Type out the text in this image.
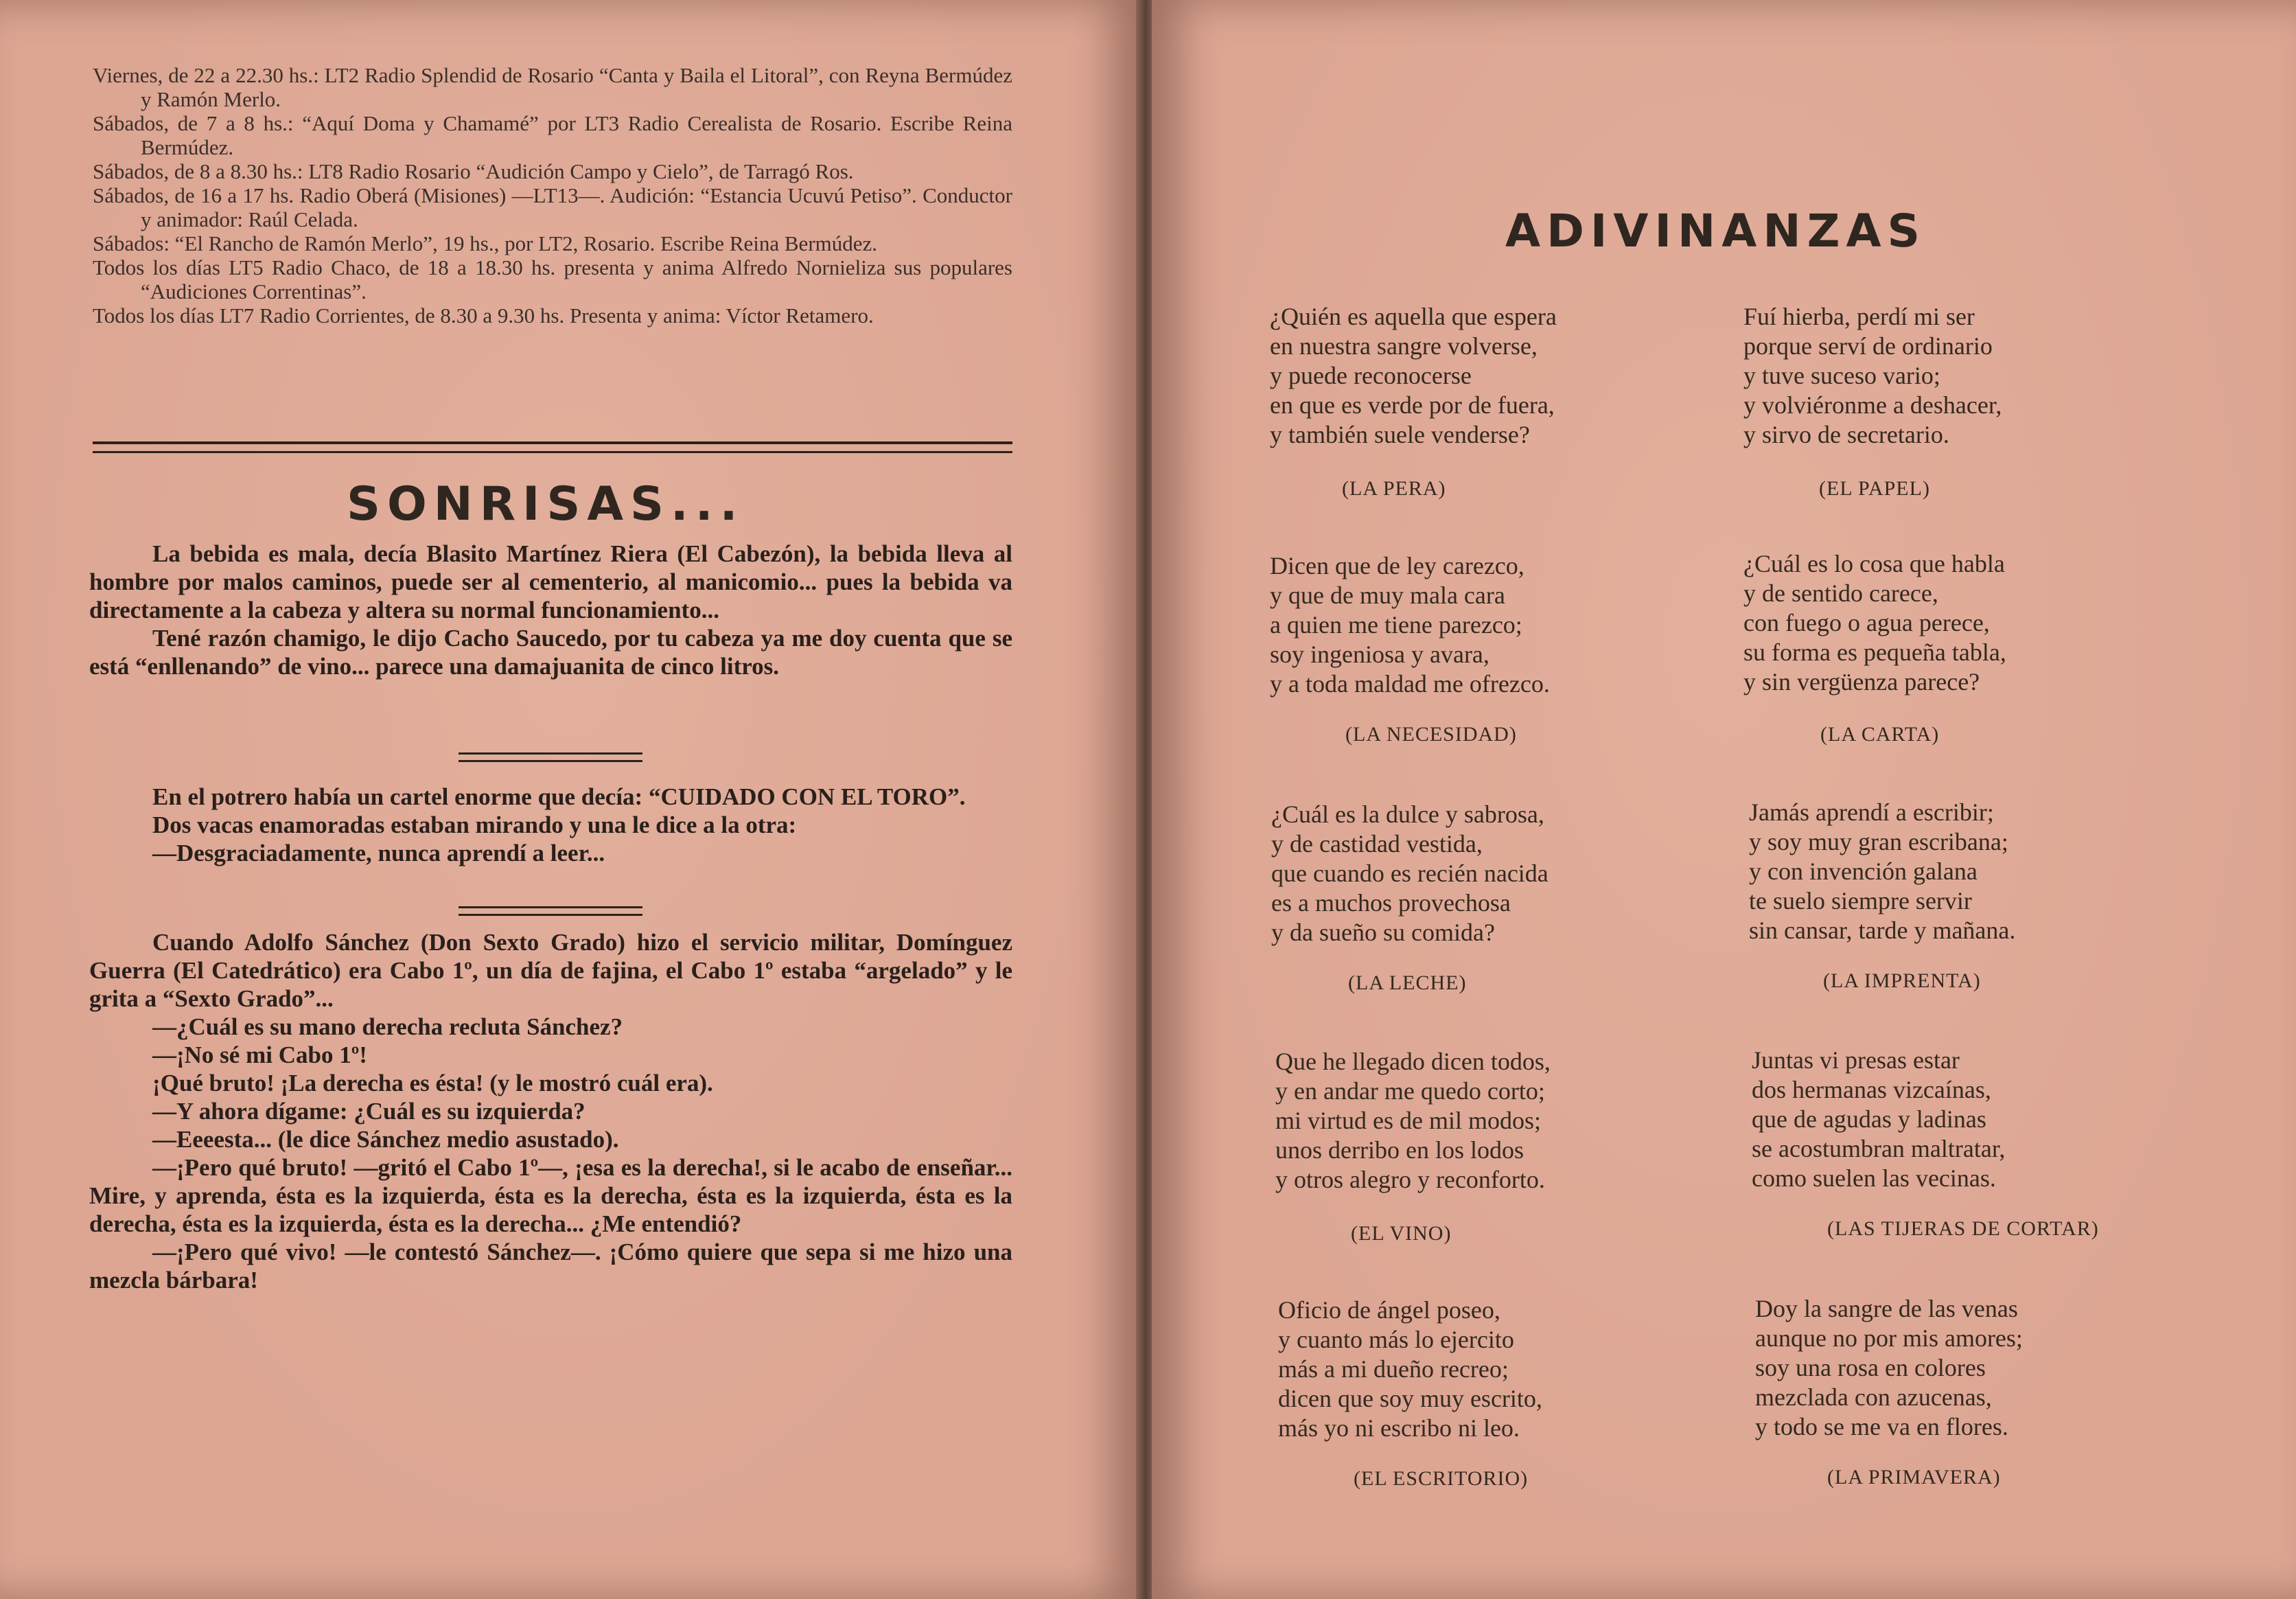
Viernes, de 22 a 22.30 hs.: LT2 Radio Splendid de Rosario “Canta y Baila el Litoral”, con Reyna Bermúdez y Ramón Merlo.
Sábados, de 7 a 8 hs.: “Aquí Doma y Chamamé” por LT3 Radio Cerealista de Rosario. Escribe Reina Bermúdez.
Sábados, de 8 a 8.30 hs.: LT8 Radio Rosario “Audición Campo y Cielo”, de Tarragó Ros.
Sábados, de 16 a 17 hs. Radio Oberá (Misiones) —LT13—. Audición: “Estancia Ucuvú Petiso”. Conductor y animador: Raúl Celada.
Sábados: “El Rancho de Ramón Merlo”, 19 hs., por LT2, Rosario. Escribe Reina Bermúdez.
Todos los días LT5 Radio Chaco, de 18 a 18.30 hs. presenta y anima Alfredo Nornieliza sus populares “Audiciones Correntinas”.
Todos los días LT7 Radio Corrientes, de 8.30 a 9.30 hs. Presenta y anima: Víctor Retamero.
SONRISAS...

La bebida es mala, decía Blasito Martínez Riera (El Cabezón), la bebida lleva al hombre por malos caminos, puede ser al cementerio, al manicomio... pues la bebida va directamente a la cabeza y altera su normal funcionamiento...

Tené razón chamigo, le dijo Cacho Saucedo, por tu cabeza ya me doy cuenta que se está “enllenando” de vino... parece una damajuanita de cinco litros.

En el potrero había un cartel enorme que decía: “CUIDADO CON EL TORO”.

Dos vacas enamoradas estaban mirando y una le dice a la otra:

—Desgraciadamente, nunca aprendí a leer...

Cuando Adolfo Sánchez (Don Sexto Grado) hizo el servicio militar, Domínguez Guerra (El Catedrático) era Cabo 1º, un día de fajina, el Cabo 1º estaba “argelado” y le grita a “Sexto Grado”...

—¿Cuál es su mano derecha recluta Sánchez?

—¡No sé mi Cabo 1º!

¡Qué bruto! ¡La derecha es ésta! (y le mostró cuál era).

—Y ahora dígame: ¿Cuál es su izquierda?

—Eeeesta... (le dice Sánchez medio asustado).

—¡Pero qué bruto! —gritó el Cabo 1º—, ¡esa es la derecha!, si le acabo de enseñar... Mire, y aprenda, ésta es la izquierda, ésta es la derecha, ésta es la izquierda, ésta es la derecha, ésta es la izquierda, ésta es la derecha... ¿Me entendió?

—¡Pero qué vivo! —le contestó Sánchez—. ¡Cómo quiere que sepa si me hizo una mezcla bárbara!

ADIVINANZAS
¿Quién es aquella que espera
en nuestra sangre volverse,
y puede reconocerse
en que es verde por de fuera,
y también suele venderse?
(LA PERA)
Fuí hierba, perdí mi ser
porque serví de ordinario
y tuve suceso vario;
y volviéronme a deshacer,
y sirvo de secretario.
(EL PAPEL)
Dicen que de ley carezco,
y que de muy mala cara
a quien me tiene parezco;
soy ingeniosa y avara,
y a toda maldad me ofrezco.
(LA NECESIDAD)
¿Cuál es lo cosa que habla
y de sentido carece,
con fuego o agua perece,
su forma es pequeña tabla,
y sin vergüenza parece?
(LA CARTA)
¿Cuál es la dulce y sabrosa,
y de castidad vestida,
que cuando es recién nacida
es a muchos provechosa
y da sueño su comida?
(LA LECHE)
Jamás aprendí a escribir;
y soy muy gran escribana;
y con invención galana
te suelo siempre servir
sin cansar, tarde y mañana.
(LA IMPRENTA)
Que he llegado dicen todos,
y en andar me quedo corto;
mi virtud es de mil modos;
unos derribo en los lodos
y otros alegro y reconforto.
(EL VINO)
Juntas vi presas estar
dos hermanas vizcaínas,
que de agudas y ladinas
se acostumbran maltratar,
como suelen las vecinas.
(LAS TIJERAS DE CORTAR)
Oficio de ángel poseo,
y cuanto más lo ejercito
más a mi dueño recreo;
dicen que soy muy escrito,
más yo ni escribo ni leo.
(EL ESCRITORIO)
Doy la sangre de las venas
aunque no por mis amores;
soy una rosa en colores
mezclada con azucenas,
y todo se me va en flores.
(LA PRIMAVERA)
